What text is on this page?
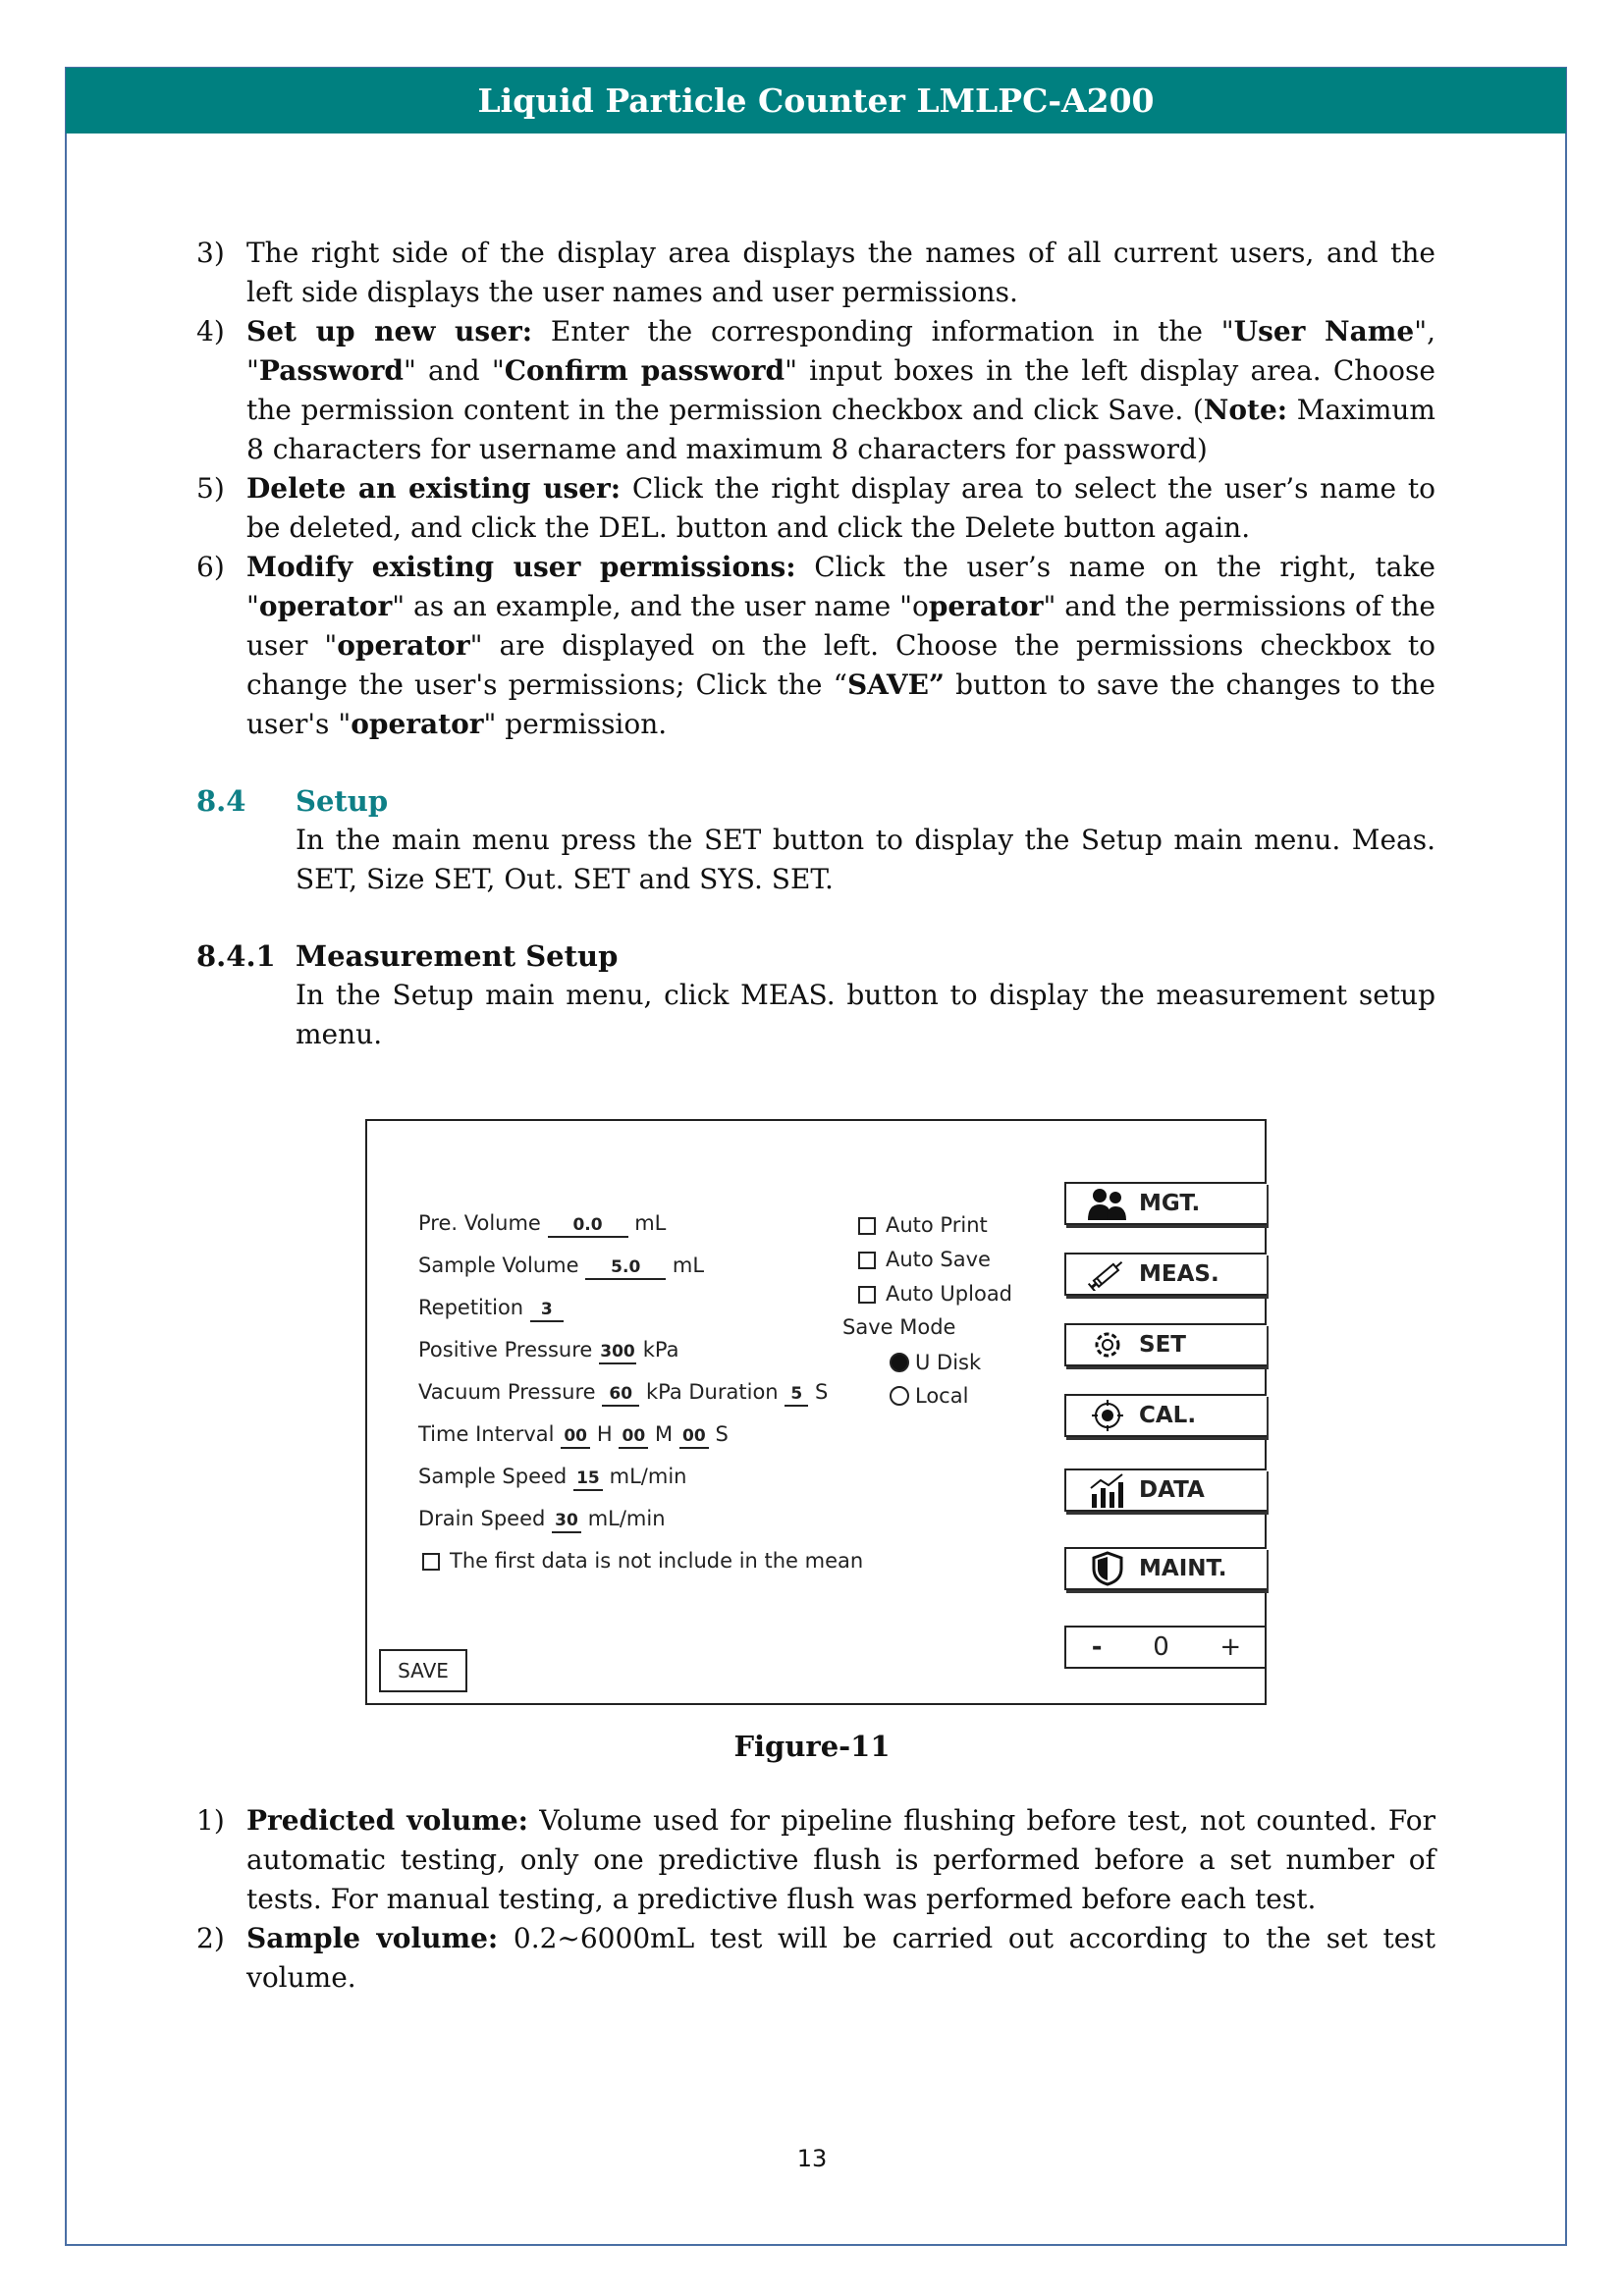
Liquid Particle Counter LMLPC-A200
3) The right side of the display area displays the names of all current users, and the left side displays the user names and user permissions.
4) Set up new user: Enter the corresponding information in the "User Name", "Password" and "Confirm password" input boxes in the left display area. Choose the permission content in the permission checkbox and click Save. (Note: Maximum 8 characters for username and maximum 8 characters for password)
5) Delete an existing user: Click the right display area to select the user’s name to be deleted, and click the DEL. button and click the Delete button again.
6) Modify existing user permissions: Click the user’s name on the right, take "operator" as an example, and the user name "operator" and the permissions of the user "operator" are displayed on the left. Choose the permissions checkbox to change the user's permissions; Click the “SAVE” button to save the changes to the user's "operator" permission.
8.4 Setup
In the main menu press the SET button to display the Setup main menu. Meas. SET, Size SET, Out. SET and SYS. SET.
8.4.1 Measurement Setup
In the Setup main menu, click MEAS. button to display the measurement setup menu.
Pre. Volume 0.0 mL
Sample Volume 5.0 mL
Repetition 3
Positive Pressure 300 kPa
Vacuum Pressure 60 kPa Duration 5 S
Time Interval 00 H 00 M 00 S
Sample Speed 15 mL/min
Drain Speed 30 mL/min
The first data is not include in the mean
Auto Print
Auto Save
Auto Upload
Save Mode
U Disk
Local
MGT.
MEAS.
SET
CAL.
DATA
MAINT.
- 0 +
SAVE
Figure-11
1) Predicted volume: Volume used for pipeline flushing before test, not counted. For automatic testing, only one predictive flush is performed before a set number of tests. For manual testing, a predictive flush was performed before each test.
2) Sample volume: 0.2~6000mL test will be carried out according to the set test volume.
13
